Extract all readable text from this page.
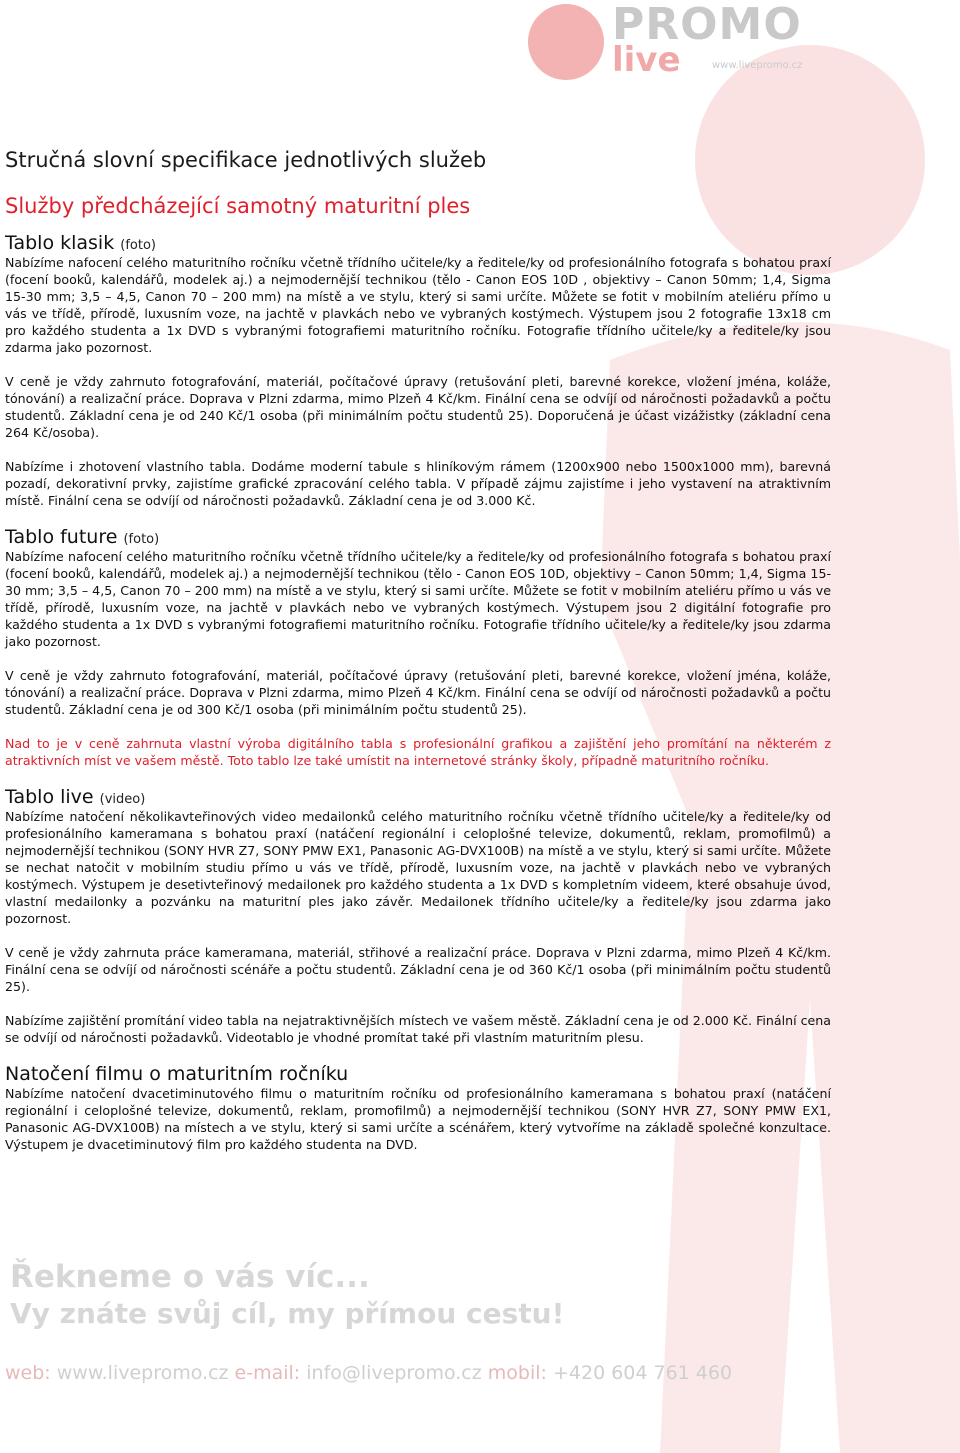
PROMO
live	www.livepromo.cz
Stručná slovní specifikace jednotlivých služeb
Služby předcházející samotný maturitní ples
Tablo klasik (foto)

Nabízíme nafocení celého maturitního ročníku včetně třídního učitele/ky a ředitele/ky od profesionálního fotografa s bohatou praxí (focení booků, kalendářů, modelek aj.) a nejmodernější technikou (tělo - Canon EOS 10D , objektivy – Canon 50mm; 1,4, Sigma 15-30 mm; 3,5 – 4,5, Canon 70 – 200 mm) na místě a ve stylu, který si sami určíte. Můžete se fotit v mobilním ateliéru přímo u vás ve třídě, přírodě, luxusním voze, na jachtě v plavkách nebo ve vybraných kostýmech. Výstupem jsou 2 fotografie 13x18 cm pro každého studenta a 1x DVD s vybranými fotografiemi maturitního ročníku. Fotografie třídního učitele/ky a ředitele/ky jsou zdarma jako pozornost.

V ceně je vždy zahrnuto fotografování, materiál, počítačové úpravy (retušování pleti, barevné korekce, vložení jména, koláže, tónování) a realizační práce. Doprava v Plzni zdarma, mimo Plzeň 4 Kč/km. Finální cena se odvíjí od náročnosti požadavků a počtu studentů. Základní cena je od 240 Kč/1 osoba (při minimálním počtu studentů 25). Doporučená je účast vizážistky (základní cena 264 Kč/osoba).

Nabízíme i zhotovení vlastního tabla. Dodáme moderní tabule s hliníkovým rámem (1200x900 nebo 1500x1000 mm), barevná pozadí, dekorativní prvky, zajistíme grafické zpracování celého tabla. V případě zájmu zajistíme i jeho vystavení na atraktivním místě. Finální cena se odvíjí od náročnosti požadavků. Základní cena je od 3.000 Kč.

Tablo future (foto)

Nabízíme nafocení celého maturitního ročníku včetně třídního učitele/ky a ředitele/ky od profesionálního fotografa s bohatou praxí (focení booků, kalendářů, modelek aj.) a nejmodernější technikou (tělo - Canon EOS 10D, objektivy – Canon 50mm; 1,4, Sigma 15-30 mm; 3,5 – 4,5, Canon 70 – 200 mm) na místě a ve stylu, který si sami určíte. Můžete se fotit v mobilním ateliéru přímo u vás ve třídě, přírodě, luxusním voze, na jachtě v plavkách nebo ve vybraných kostýmech. Výstupem jsou 2 digitální fotografie pro každého studenta a 1x DVD s vybranými fotografiemi maturitního ročníku. Fotografie třídního učitele/ky a ředitele/ky jsou zdarma jako pozornost.

V ceně je vždy zahrnuto fotografování, materiál, počítačové úpravy (retušování pleti, barevné korekce, vložení jména, koláže, tónování) a realizační práce. Doprava v Plzni zdarma, mimo Plzeň 4 Kč/km. Finální cena se odvíjí od náročnosti požadavků a počtu studentů. Základní cena je od 300 Kč/1 osoba (při minimálním počtu studentů 25).

Nad to je v ceně zahrnuta vlastní výroba digitálního tabla s profesionální grafikou a zajištění jeho promítání na některém z atraktivních míst ve vašem městě. Toto tablo lze také umístit na internetové stránky školy, případně maturitního ročníku.

Tablo live (video)

Nabízíme natočení několikavteřinových video medailonků celého maturitního ročníku včetně třídního učitele/ky a ředitele/ky od profesionálního kameramana s bohatou praxí (natáčení regionální i celoplošné televize, dokumentů, reklam, promofilmů) a nejmodernější technikou (SONY HVR Z7, SONY PMW EX1, Panasonic AG-DVX100B) na místě a ve stylu, který si sami určíte. Můžete se nechat natočit v mobilním studiu přímo u vás ve třídě, přírodě, luxusním voze, na jachtě v plavkách nebo ve vybraných kostýmech. Výstupem je desetivteřinový medailonek pro každého studenta a 1x DVD s kompletním videem, které obsahuje úvod, vlastní medailonky a pozvánku na maturitní ples jako závěr. Medailonek třídního učitele/ky a ředitele/ky jsou zdarma jako pozornost.

V ceně je vždy zahrnuta práce kameramana, materiál, střihové a realizační práce. Doprava v Plzni zdarma, mimo Plzeň 4 Kč/km. Finální cena se odvíjí od náročnosti scénáře a počtu studentů. Základní cena je od 360 Kč/1 osoba (při minimálním počtu studentů 25).

Nabízíme zajištění promítání video tabla na nejatraktivnějších místech ve vašem městě. Základní cena je od 2.000 Kč. Finální cena se odvíjí od náročnosti požadavků. Videotablo je vhodné promítat také při vlastním maturitním plesu.

Natočení filmu o maturitním ročníku

Nabízíme natočení dvacetiminutového filmu o maturitním ročníku od profesionálního kameramana s bohatou praxí (natáčení regionální i celoplošné televize, dokumentů, reklam, promofilmů) a nejmodernější technikou (SONY HVR Z7, SONY PMW EX1, Panasonic AG-DVX100B) na místech a ve stylu, který si sami určíte a scénářem, který vytvoříme na základě společné konzultace. Výstupem je dvacetiminutový film pro každého studenta na DVD.

Řekneme o vás víc...
Vy znáte svůj cíl, my přímou cestu!
web: www.livepromo.cz e-mail: info@livepromo.cz mobil: +420 604 761 460
